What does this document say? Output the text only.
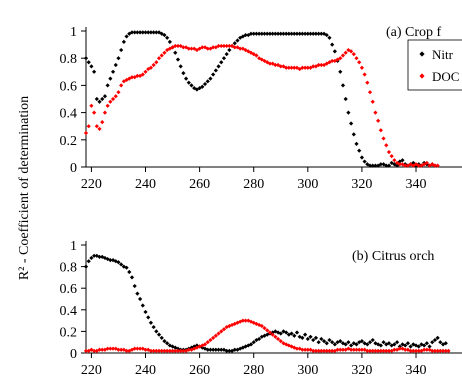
R² - Coefficient of determination	0
0.2
0.4
0.6
0.8
1
220 240 260 280 300 320 340
(a) Crop f
Nitr
DOC
0
0.2
0.4
0.6
0.8
1
220 240 260 280 300 320 340
(b) Citrus orch
